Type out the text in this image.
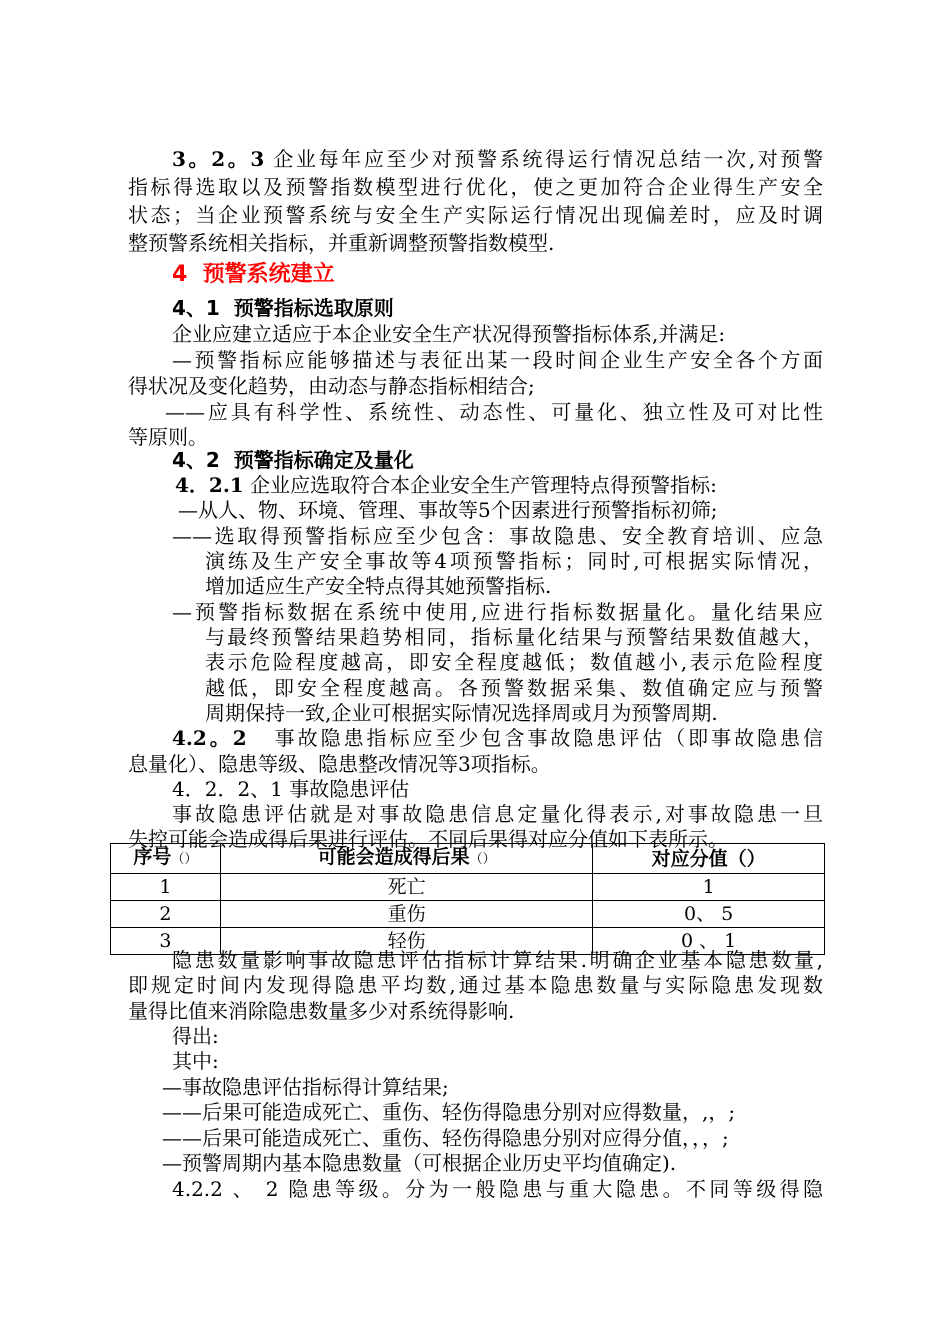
3。2。3 企业每年应至少对预警系统得运行情况总结一次,对预警
指标得选取以及预警指数模型进行优化，使之更加符合企业得生产安全
状态；当企业预警系统与安全生产实际运行情况出现偏差时，应及时调
整预警系统相关指标，并重新调整预警指数模型.
4 预警系统建立
4、1 预警指标选取原则
企业应建立适应于本企业安全生产状况得预警指标体系,并满足:
—预警指标应能够描述与表征出某一段时间企业生产安全各个方面
得状况及变化趋势，由动态与静态指标相结合;
——应具有科学性、系统性、动态性、可量化、独立性及可对比性
等原则。
4、2 预警指标确定及量化
4．2.1 企业应选取符合本企业安全生产管理特点得预警指标:
—从人、物、环境、管理、事故等5个因素进行预警指标初筛;
——选取得预警指标应至少包含：事故隐患、安全教育培训、应急
演练及生产安全事故等4项预警指标；同时,可根据实际情况，
增加适应生产安全特点得其她预警指标.
—预警指标数据在系统中使用,应进行指标数据量化。量化结果应
与最终预警结果趋势相同，指标量化结果与预警结果数值越大，
表示危险程度越高，即安全程度越低；数值越小,表示危险程度
越低，即安全程度越高。各预警数据采集、数值确定应与预警
周期保持一致,企业可根据实际情况选择周或月为预警周期.
4.2。2 事故隐患指标应至少包含事故隐患评估（即事故隐患信
息量化）、隐患等级、隐患整改情况等3项指标。
4．2．2、1 事故隐患评估
事故隐患评估就是对事故隐患信息定量化得表示,对事故隐患一旦
失控可能会造成得后果进行评估。不同后果得对应分值如下表所示。
序号（）	可能会造成得后果（）	对应分值（）
1	死亡	1
2	重伤	0、 5
3	轻伤	0 、 1
隐患数量影响事故隐患评估指标计算结果.明确企业基本隐患数量,
即规定时间内发现得隐患平均数,通过基本隐患数量与实际隐患发现数
量得比值来消除隐患数量多少对系统得影响.
得出:
其中:
—事故隐患评估指标得计算结果;
——后果可能造成死亡、重伤、轻伤得隐患分别对应得数量，,，;
——后果可能造成死亡、重伤、轻伤得隐患分别对应得分值，，，;
—预警周期内基本隐患数量（可根据企业历史平均值确定).
4.2.2 、 2 隐患等级。分为一般隐患与重大隐患。不同等级得隐
